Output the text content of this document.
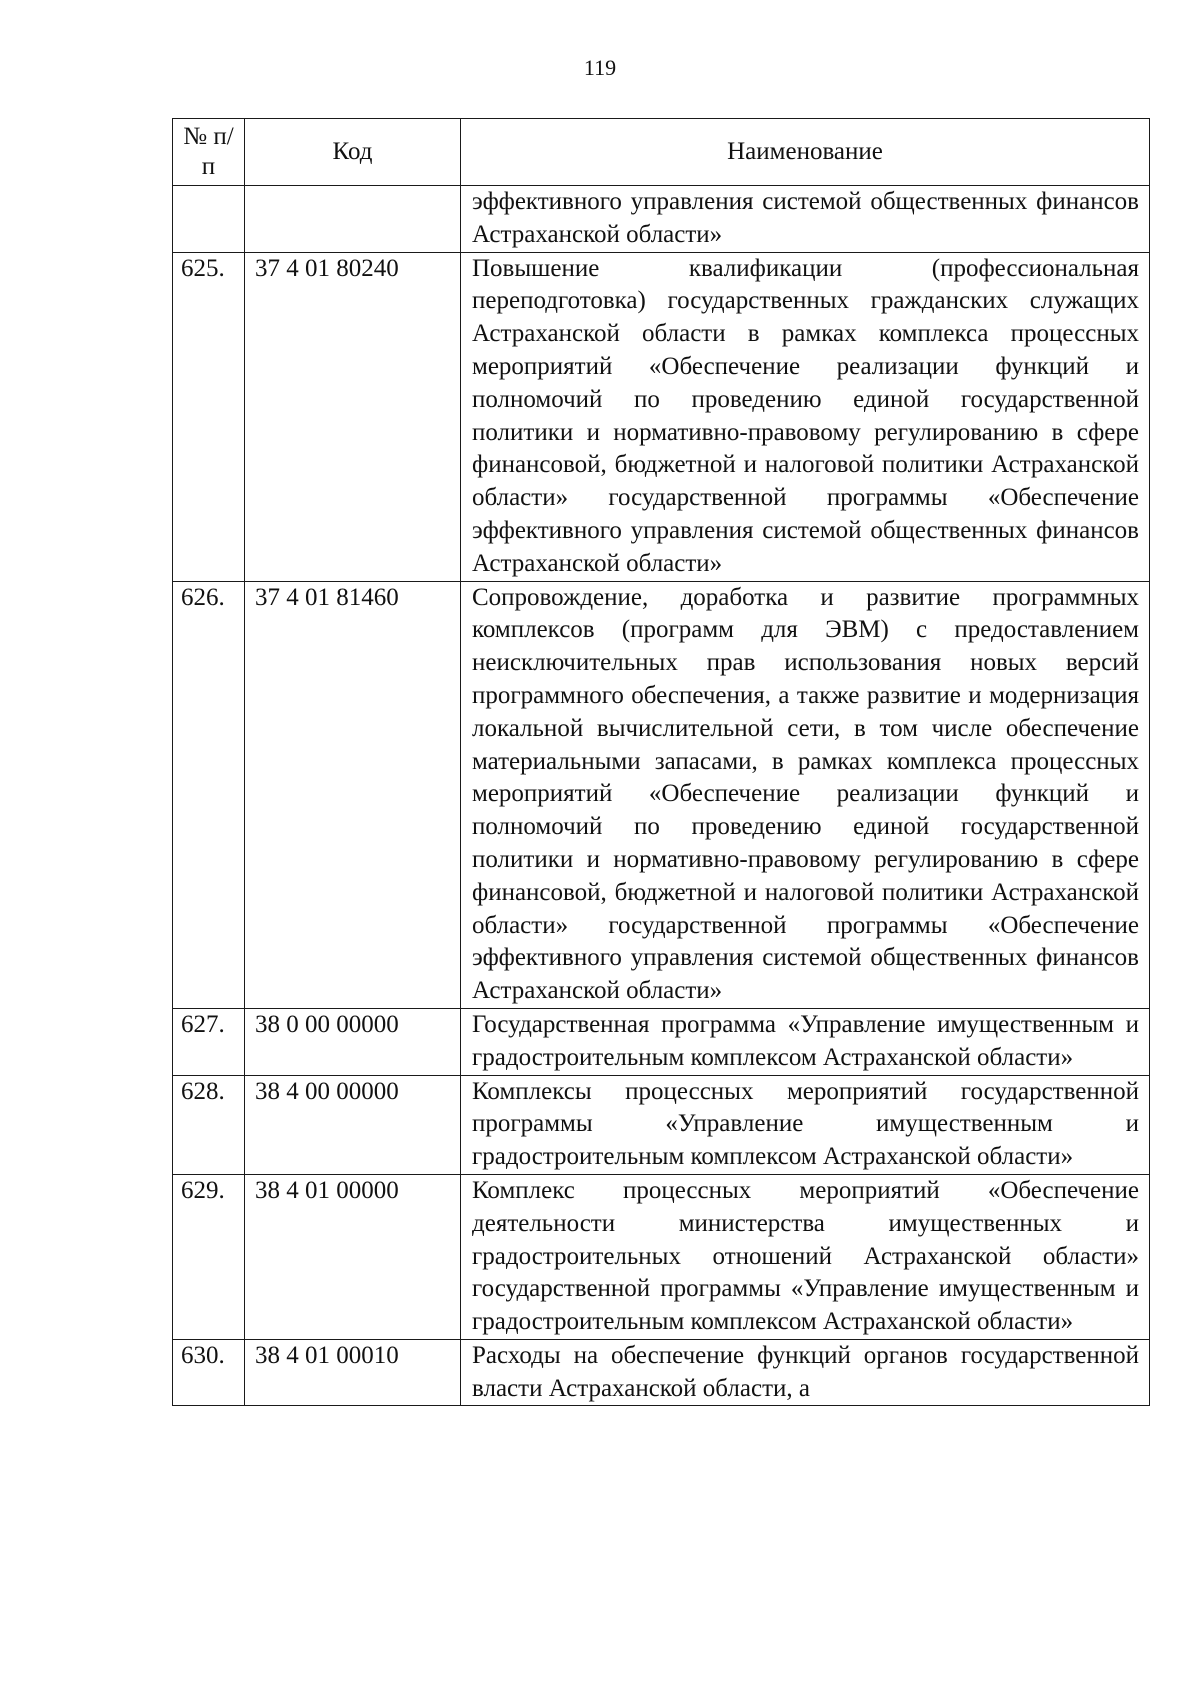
119
№ п/п	Код	Наименование
		эффективного управления системой общественных финансов Астраханской области»
625.	37 4 01 80240	Повышение квалификации (профессиональная переподготовка) государственных гражданских служащих Астраханской области в рамках комплекса процессных мероприятий «Обеспечение реализации функций и полномочий по проведению единой государственной политики и нормативно-правовому регулированию в сфере финансовой, бюджетной и налоговой политики Астраханской области» государственной программы «Обеспечение эффективного управления системой общественных финансов Астраханской области»
626.	37 4 01 81460	Сопровождение, доработка и развитие программных комплексов (программ для ЭВМ) с предоставлением неисключительных прав использования новых версий программного обеспечения, а также развитие и модернизация локальной вычислительной сети, в том числе обеспечение материальными запасами, в рамках комплекса процессных мероприятий «Обеспечение реализации функций и полномочий по проведению единой государственной политики и нормативно-правовому регулированию в сфере финансовой, бюджетной и налоговой политики Астраханской области» государственной программы «Обеспечение эффективного управления системой общественных финансов Астраханской области»
627.	38 0 00 00000	Государственная программа «Управление имущественным и градостроительным комплексом Астраханской области»
628.	38 4 00 00000	Комплексы процессных мероприятий государственной программы «Управление имущественным и градостроительным комплексом Астраханской области»
629.	38 4 01 00000	Комплекс процессных мероприятий «Обеспечение деятельности министерства имущественных и градостроительных отношений Астраханской области» государственной программы «Управление имущественным и градостроительным комплексом Астраханской области»
630.	38 4 01 00010	Расходы на обеспечение функций органов государственной власти Астраханской области, а
